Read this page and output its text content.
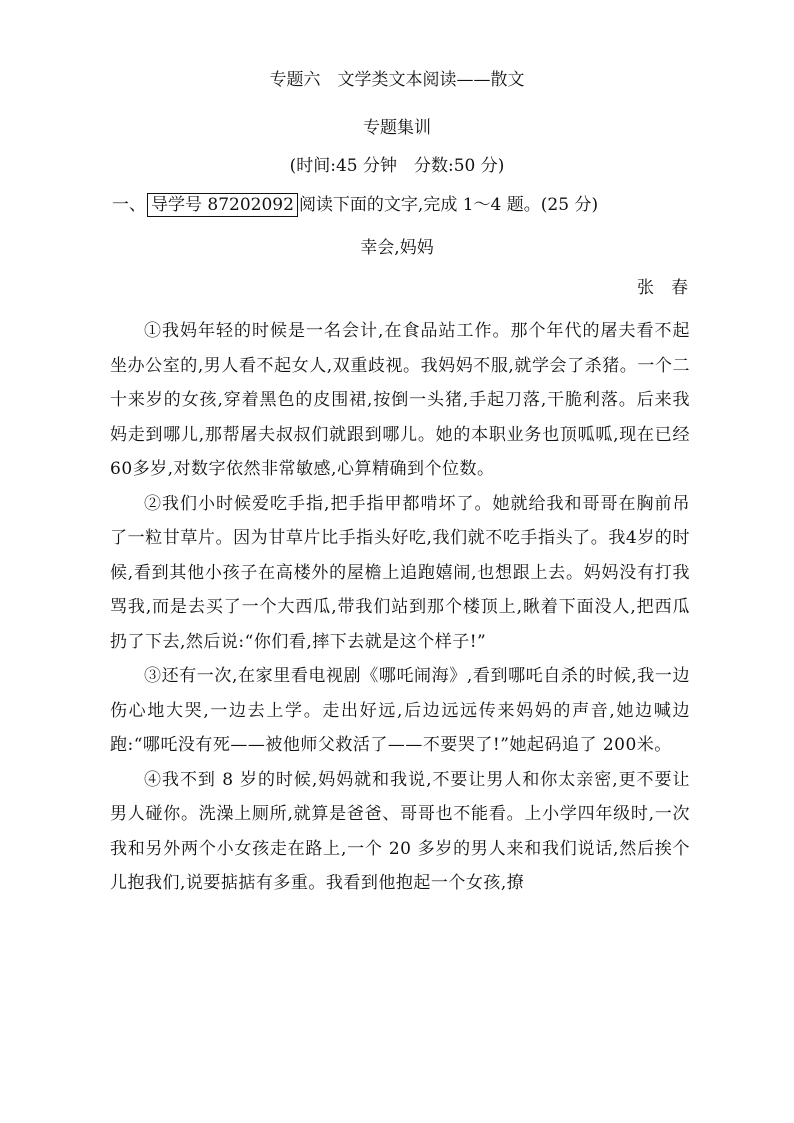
专题六　文学类文本阅读——散文
专题集训
(时间:45 分钟　分数:50 分)
一、 导学号 87202092 阅读下面的文字,完成 1～4 题。(25 分)
幸会,妈妈
张　春

①我妈年轻的时候是一名会计,在食品站工作。那个年代的屠夫看不起坐办公室的,男人看不起女人,双重歧视。我妈妈不服,就学会了杀猪。一个二十来岁的女孩,穿着黑色的皮围裙,按倒一头猪,手起刀落,干脆利落。后来我妈走到哪儿,那帮屠夫叔叔们就跟到哪儿。她的本职业务也顶呱呱,现在已经60多岁,对数字依然非常敏感,心算精确到个位数。

②我们小时候爱吃手指,把手指甲都啃坏了。她就给我和哥哥在胸前吊了一粒甘草片。因为甘草片比手指头好吃,我们就不吃手指头了。我4岁的时候,看到其他小孩子在高楼外的屋檐上追跑嬉闹,也想跟上去。妈妈没有打我骂我,而是去买了一个大西瓜,带我们站到那个楼顶上,瞅着下面没人,把西瓜扔了下去,然后说:“你们看,摔下去就是这个样子!”

③还有一次,在家里看电视剧《哪吒闹海》,看到哪吒自杀的时候,我一边伤心地大哭,一边去上学。走出好远,后边远远传来妈妈的声音,她边喊边跑:“哪吒没有死——被他师父救活了——不要哭了!”她起码追了 200米。

④我不到 8 岁的时候,妈妈就和我说,不要让男人和你太亲密,更不要让男人碰你。洗澡上厕所,就算是爸爸、哥哥也不能看。上小学四年级时,一次我和另外两个小女孩走在路上,一个 20 多岁的男人来和我们说话,然后挨个儿抱我们,说要掂掂有多重。我看到他抱起一个女孩,撩
